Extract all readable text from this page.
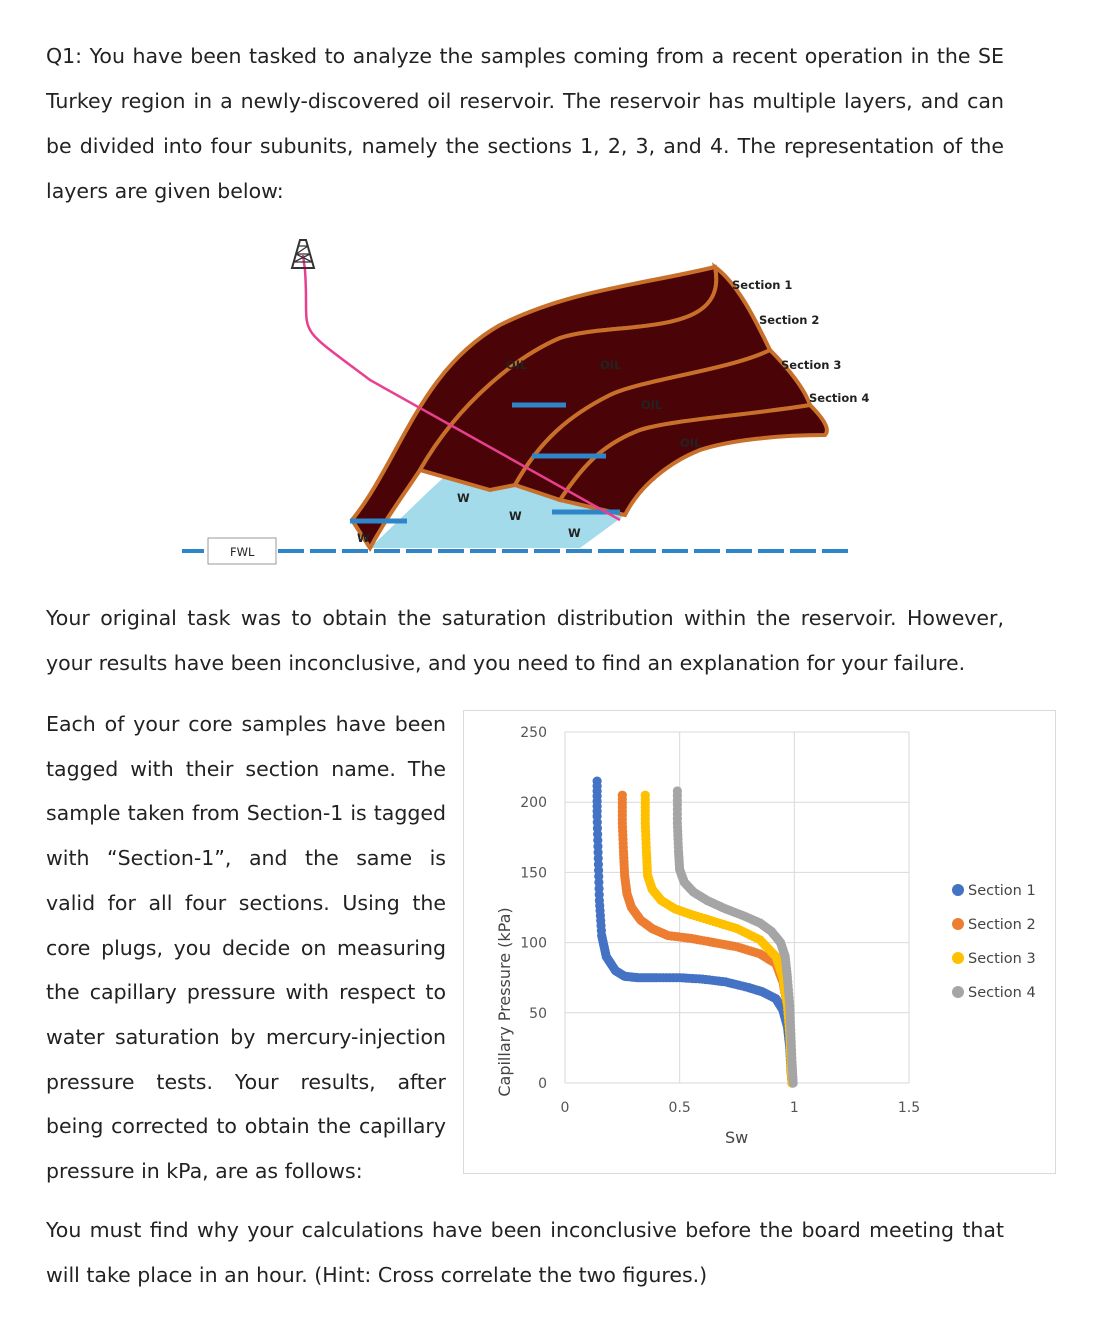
Q1: You have been tasked to analyze the samples coming from a recent operation in the SE Turkey region in a newly-discovered oil reservoir. The reservoir has multiple layers, and can be divided into four subunits, namely the sections 1, 2, 3, and 4. The representation of the layers are given below:

Section 1
Section 2
Section 3
Section 4
OIL	OIL
OIL
OIL
W
W
W
W
FWL

Your original task was to obtain the saturation distribution within the reservoir. However, your results have been inconclusive, and you need to find an explanation for your failure.

Each of your core samples have been tagged with their section name. The sample taken from Section-1 is tagged with “Section-1”, and the same is valid for all four sections. Using the core plugs, you decide on measuring the capillary pressure with respect to water saturation by mercury-injection pressure tests. Your results, after being corrected to obtain the capillary pressure in kPa, are as follows:

0
50
100
150
200
250
0	0.5	1	1.5
Sw
Capillary Pressure (kPa)
Section 1
Section 2
Section 3
Section 4

You must find why your calculations have been inconclusive before the board meeting that will take place in an hour. (Hint: Cross correlate the two figures.)
